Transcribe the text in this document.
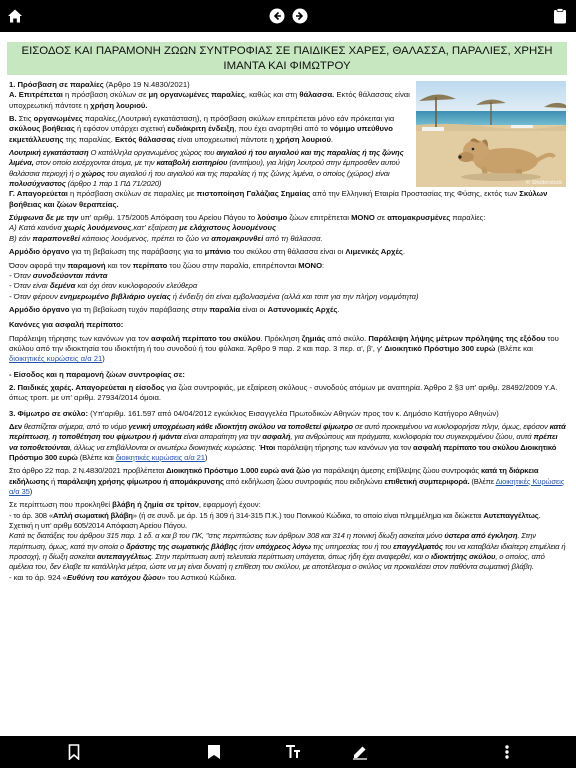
ΕΙΣΟΔΟΣ ΚΑΙ ΠΑΡΑΜΟΝΗ ΖΩΩΝ ΣΥΝΤΡΟΦΙΑΣ ΣΕ ΠΑΙΔΙΚΕΣ ΧΑΡΕΣ, ΘΑΛΑΣΣΑ, ΠΑΡΑΛΙΕΣ, ΧΡΗΣΗ ΙΜΑΝΤΑ ΚΑΙ ΦΙΜΩΤΡΟΥ
© Shutterstock

1. Πρόσβαση σε παραλίες (Άρθρο 19 Ν.4830/2021)

Α. Επιτρέπεται η πρόσβαση σκύλων σε μη οργανωμένες παραλίες, καθώς και στη θάλασσα. Εκτός θάλασσας είναι υποχρεωτική πάντοτε η χρήση λουριού.

Β. Στις οργανωμένες παραλίες,(Λουτρική εγκατάσταση), η πρόσβαση σκύλων επιτρέπεται μόνο εάν πρόκειται για σκύλους βοήθειας ή εφόσον υπάρχει σχετική ευδιάκριτη ένδειξη, που έχει αναρτηθεί από το νόμιμο υπεύθυνο εκμετάλλευσης της παραλίας. Εκτός θάλασσας είναι υποχρεωτική πάντοτε η χρήση λουριού.

Λουτρική εγκατάσταση Ο κατάλληλα οργανωμένος χώρος του αιγιαλού ή του αιγιαλού και της παραλίας ή της ζώνης λιμένα, στον οποίο εισέρχονται άτομα, με την καταβολή εισιτηρίου (αντιτίμου), για λήψη λουτρού στην έμπροσθεν αυτού θαλάσσια περιοχή ή ο χώρος του αιγιαλού ή του αιγιαλού και της παραλίας ή της ζώνης λιμένα, ο οποίος (χώρος) είναι πολυσύχναστος (άρθρο 1 παρ 1 ΠΔ 71/2020)

Γ. Απαγορεύεται η πρόσβαση σκύλων σε παραλίες με πιστοποίηση Γαλάζιας Σημαίας από την Ελληνική Εταιρία Προστασίας της Φύσης, εκτός των Σκύλων βοήθειας και ζώων θεραπείας.

Σύμφωνα δε με την υπ' αριθμ. 175/2005 Απόφαση του Αρείου Πάγου το λούσιμο ζώων επιτρέπεται ΜΟΝΟ σε απομακρυσμένες παραλίες:

Α) Κατά κανόνα χωρίς λουόμενους,κατ' εξαίρεση με ελάχιστους λουομένους

Β) εάν παραπονεθεί κάποιος λουόμενος, πρέπει το ζώο να απομακρυνθεί από τη θάλασσα.

Αρμόδιο όργανο για τη βεβαίωση της παράβασης για το μπάνιο του σκύλου στη θάλασσα είναι οι Λιμενικές Αρχές.

Όσον αφορά την παραμονή και τον περίπατο του ζώου στην παραλία, επιτρέπονται ΜΟΝΟ:

- Όταν συνοδεύονται πάντα

- Όταν είναι δεμένα και όχι όταν κυκλοφορούν ελεύθερα

- Όταν φέρουν ενημερωμένο βιβλιάριο υγείας ή ένδειξη ότι είναι εμβολιασμένα (αλλά και τσιπ για την πλήρη νομιμότητα)

Αρμόδιο όργανο για τη βεβαίωση τυχόν παράβασης στην παραλία είναι οι Αστυνομικές Αρχές.

Κανόνες για ασφαλή περίπατο:

Παράλειψη τήρησης των κανόνων για τον ασφαλή περίπατο του σκύλου. Πρόκληση ζημιάς από σκύλο. Παράλειψη λήψης μέτρων πρόληψης της εξόδου του σκύλου από την ιδιοκτησία του ιδιοκτήτη ή του συνοδού ή του φύλακα. Άρθρο 9 παρ. 2 και παρ. 3 περ. α', β', γ' Διοικητικό Πρόστιμο 300 ευρώ (Βλέπε και διοικητικές κυρώσεις α/α 21)

- Είσοδος και η παραμονή ζώων συντροφίας σε:

2. Παιδικές χαρές. Απαγορεύεται η είσοδος για ζώα συντροφιάς, με εξαίρεση σκύλους - συνοδούς ατόμων με αναπηρία. Άρθρο 2 §3 υπ' αριθμ. 28492/2009 Υ.Α. όπως τροπ. με υπ' αριθμ. 27934/2014 όμοια.

3. Φίμωτρο σε σκύλο: (Υπ'αριθμ. 161.597 από 04/04/2012 εγκύκλιος Εισαγγελέα Πρωτοδικών Αθηνών προς τον κ. Δημόσιο Κατήγορο Αθηνών)

Δεν θεσπίζεται σήμερα, από το νόμο γενική υποχρέωση κάθε ιδιοκτήτη σκύλου να τοποθετεί φίμωτρο σε αυτό προκειμένου να κυκλοφορήσει πλην, όμως, εφόσον κατά περίπτωση, η τοποθέτηση του φίμωτρου ή ιμάντα είναι απαραίτητη για την ασφαλή, για ανθρώπους και πράγματα, κυκλοφορία του συγκεκριμένου ζώου, αυτά πρέπει να τοποθετούνται, άλλως να επιβάλλονται οι ανωτέρω διοικητικές κυρώσεις. Ήτοι παράλειψη τήρησης των κανόνων για τον ασφαλή περίπατο του σκύλου Διοικητικό Πρόστιμο 300 ευρώ (Βλέπε και διοικητικές κυρώσεις α/α 21)

Στο άρθρο 22 παρ. 2 Ν.4830/2021 προβλέπεται Διοικητικό Πρόστιμο 1.000 ευρώ ανά ζώο για παράλειψη άμεσης επίβλεψης ζώου συντροφιάς κατά τη διάρκεια εκδήλωσης ή παράλειψη χρήσης φίμωτρου ή απομάκρυνσης από εκδήλωση ζώου συντροφιάς που εκδηλώνει επιθετική συμπεριφορά. (Βλέπε Διοικητικές Κυρώσεις α/α 35)

Σε περίπτωση που προκληθεί βλάβη ή ζημία σε τρίτον, εφαρμογή έχουν:

- το άρ. 308 «Απλή σωματική βλάβη» (ή σε συνδ. με άρ. 15 ή 309 ή 314-315 Π.Κ.) του Ποινικού Κώδικα, το οποίο είναι πλημμέλημα και διώκεται Αυτεπαγγέλτως. Σχετική η υπ' αριθμ 605/2014 Απόφαση Αρείου Πάγου.

Κατά τις διατάξεις του άρθρου 315 παρ. 1 εδ. α και β του ΠΚ, "στις περιπτώσεις των άρθρων 308 και 314 η ποινική δίωξη ασκείται μόνο ύστερα από έγκληση. Στην περίπτωση, όμως, κατά την οποία ο δράστης της σωματικής βλάβης ήταν υπόχρεος λόγω της υπηρεσίας του ή του επαγγέλματός του να καταβάλει ιδιαίτερη επιμέλεια ή προσοχή, η δίωξη ασκείται αυτεπαγγέλτως. Στην περίπτωση αυτή τελευταία περίπτωση υπάγεται, όπως ήδη έχει αναφερθεί, και ο ιδιοκτήτης σκύλου, ο οποίος, από αμέλεια του, δεν έλαβε τα κατάλληλα μέτρα, ώστε να μη είναι δυνατή η επίθεση του σκύλου, με αποτέλεσμα ο σκύλος να προκαλέσει στον παθόντα σωματική βλάβη.

- και το άρ. 924 «Ευθύνη του κατόχου ζώου» του Αστικού Κώδικα.
